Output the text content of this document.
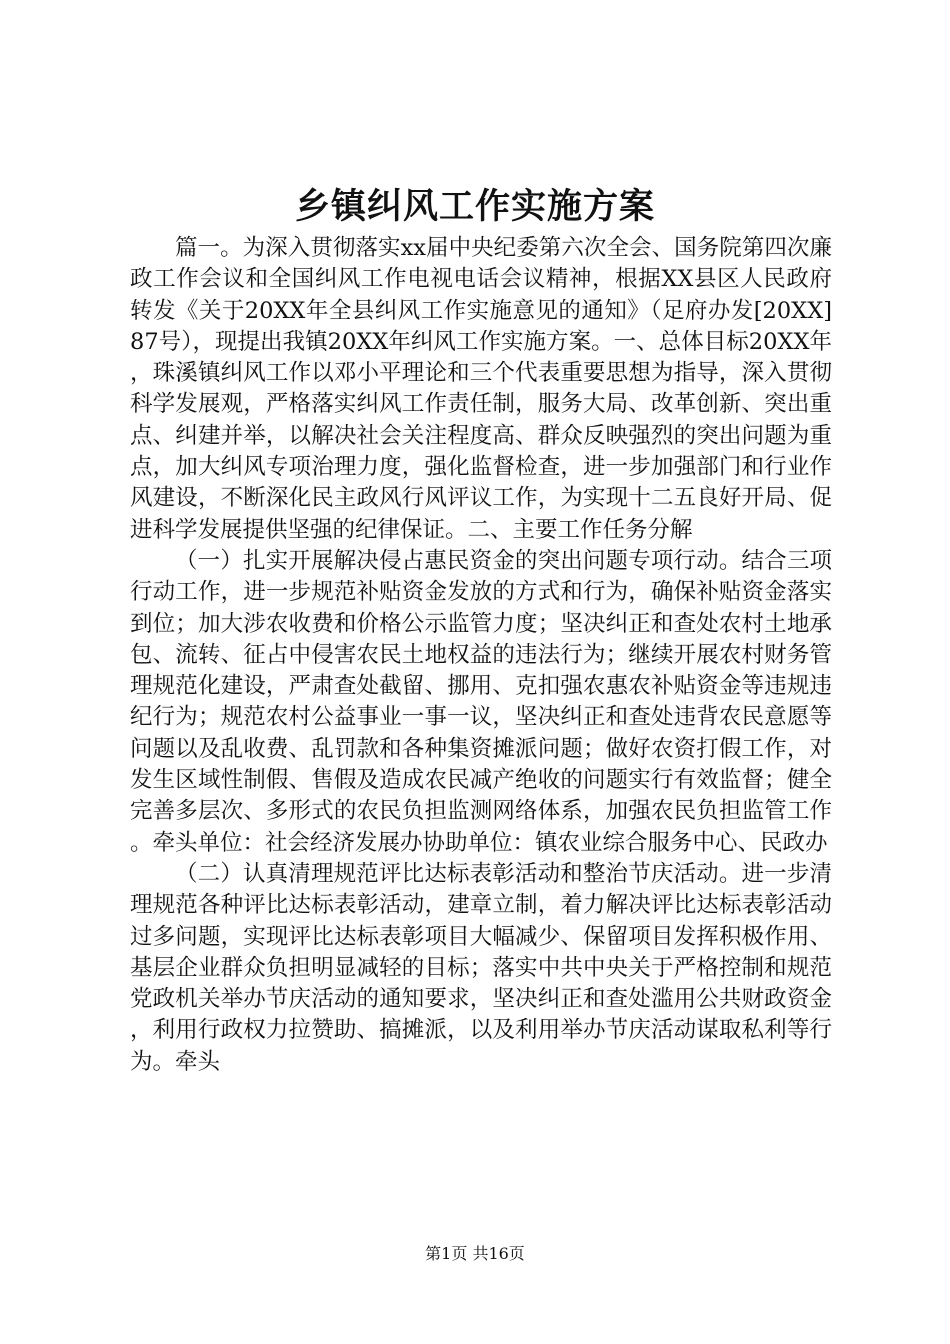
乡镇纠风工作实施方案

篇一。为深入贯彻落实xx届中央纪委第六次全会、国务院第四次廉政工作会议和全国纠风工作电视电话会议精神，根据XX县区人民政府转发《关于20XX年全县纠风工作实施意见的通知》（足府办发[20XX]87号），现提出我镇20XX年纠风工作实施方案。一、总体目标20XX年，珠溪镇纠风工作以邓小平理论和三个代表重要思想为指导，深入贯彻科学发展观，严格落实纠风工作责任制，服务大局、改革创新、突出重点、纠建并举，以解决社会关注程度高、群众反映强烈的突出问题为重点，加大纠风专项治理力度，强化监督检查，进一步加强部门和行业作风建设，不断深化民主政风行风评议工作，为实现十二五良好开局、促进科学发展提供坚强的纪律保证。二、主要工作任务分解

（一）扎实开展解决侵占惠民资金的突出问题专项行动。结合三项行动工作，进一步规范补贴资金发放的方式和行为，确保补贴资金落实到位；加大涉农收费和价格公示监管力度；坚决纠正和查处农村土地承包、流转、征占中侵害农民土地权益的违法行为；继续开展农村财务管理规范化建设，严肃查处截留、挪用、克扣强农惠农补贴资金等违规违纪行为；规范农村公益事业一事一议，坚决纠正和查处违背农民意愿等问题以及乱收费、乱罚款和各种集资摊派问题；做好农资打假工作，对发生区域性制假、售假及造成农民减产绝收的问题实行有效监督；健全完善多层次、多形式的农民负担监测网络体系，加强农民负担监管工作。牵头单位：社会经济发展办协助单位：镇农业综合服务中心、民政办

（二）认真清理规范评比达标表彰活动和整治节庆活动。进一步清理规范各种评比达标表彰活动，建章立制，着力解决评比达标表彰活动过多问题，实现评比达标表彰项目大幅减少、保留项目发挥积极作用、基层企业群众负担明显减轻的目标；落实中共中央关于严格控制和规范党政机关举办节庆活动的通知要求，坚决纠正和查处滥用公共财政资金，利用行政权力拉赞助、搞摊派，以及利用举办节庆活动谋取私利等行为。牵头

第1页 共16页
